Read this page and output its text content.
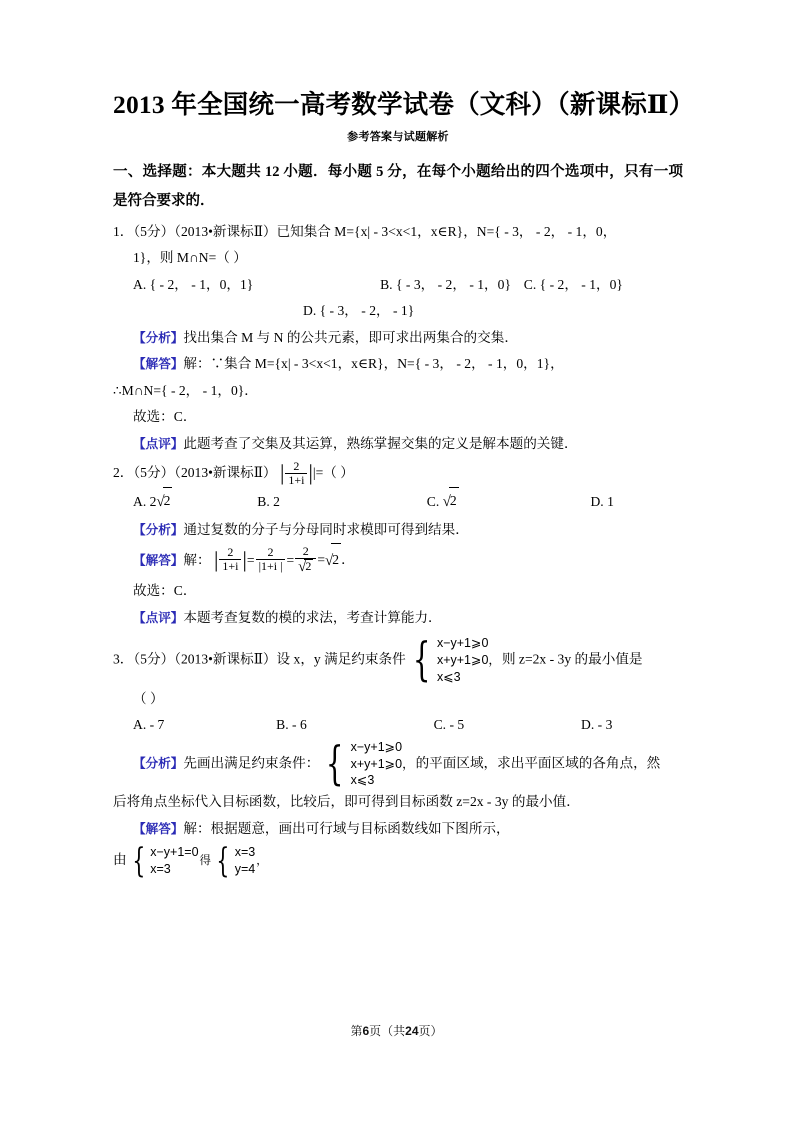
2013 年全国统一高考数学试卷（文科）（新课标Ⅱ）
参考答案与试题解析
一、选择题：本大题共 12 小题．每小题 5 分，在每个小题给出的四个选项中，只有一项是符合要求的．
1．（5分）（2013•新课标Ⅱ）已知集合 M={x| - 3<x<1，x∈R}，N={ - 3， - 2， - 1，0，
1}，则 M∩N=（ ）
A. { - 2， - 1，0，1}	B. { - 3， - 2， - 1，0} C. { - 2， - 1，0}
D. { - 3， - 2， - 1}
【分析】找出集合 M 与 N 的公共元素，即可求出两集合的交集．
【解答】解：∵集合 M={x| - 3<x<1，x∈R}，N={ - 3， - 2， - 1，0，1}，
∴M∩N={ - 2， - 1，0}．
故选：C．
【点评】此题考查了交集及其运算，熟练掌握交集的定义是解本题的关键．
2．（5分）（2013•新课标Ⅱ） | $\frac{2}{1+i}$ ||=（ ）
A. 2√2	B. 2	C. √2	D. 1
【分析】通过复数的分子与分母同时求模即可得到结果．
【解答】解： | $\frac{2}{1+i}$ |= $\frac{2}{|1+i |} = \frac{2}{√2} =√2$ ．
故选：C．
【点评】本题考查复数的模的求法，考查计算能力．
3．（5分）（2013•新课标Ⅱ）设 x，y 满足约束条件 { x−y+1⩾0
x+y+1⩾0，
x⩽3
则 z=2x - 3y 的最小值是
（ ）
A. - 7	B. - 6	C. - 5	D. - 3
【分析】先画出满足约束条件： { x−y+1⩾0
x+y+1⩾0，
x⩽3
的平面区域，求出平面区域的各角点，然
后将角点坐标代入目标函数，比较后，即可得到目标函数 z=2x - 3y 的最小值．
【解答】解：根据题意，画出可行域与目标函数线如下图所示，
由 { x−y+1=0
x=3
得 { x=3
y=4
，
第6页（共24页）
